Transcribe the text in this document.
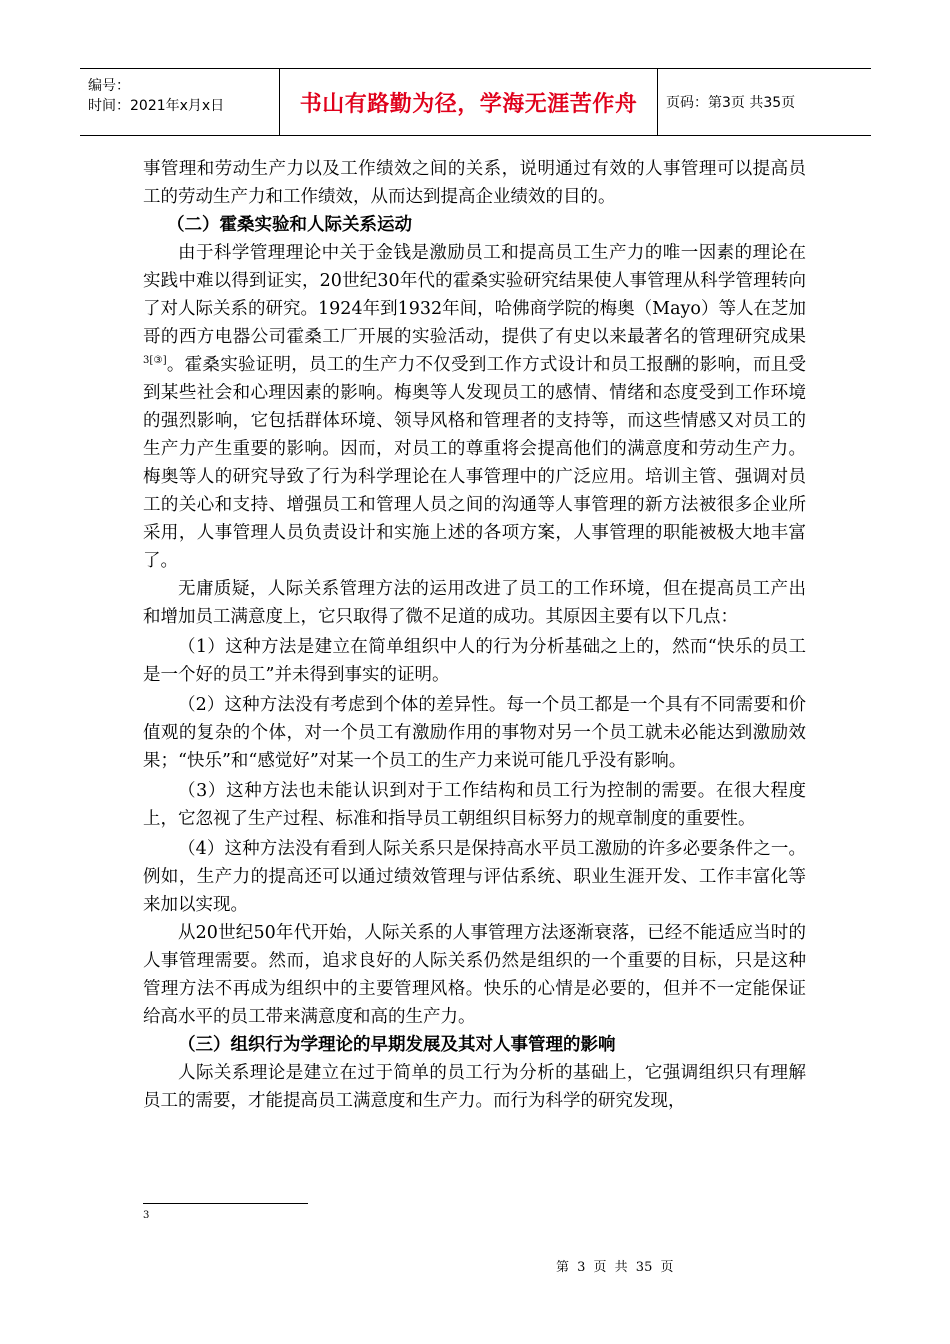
编号：
时间：2021年x月x日	书山有路勤为径，学海无涯苦作舟 页码：第3页 共35页

事管理和劳动生产力以及工作绩效之间的关系，说明通过有效的人事管理可以提高员工的劳动生产力和工作绩效，从而达到提高企业绩效的目的。

（二）霍桑实验和人际关系运动

由于科学管理理论中关于金钱是激励员工和提高员工生产力的唯一因素的理论在实践中难以得到证实，20世纪30年代的霍桑实验研究结果使人事管理从科学管理转向了对人际关系的研究。1924年到1932年间，哈佛商学院的梅奥（Mayo）等人在芝加哥的西方电器公司霍桑工厂开展的实验活动，提供了有史以来最著名的管理研究成果$^{3[③]}$。霍桑实验证明，员工的生产力不仅受到工作方式设计和员工报酬的影响，而且受到某些社会和心理因素的影响。梅奥等人发现员工的感情、情绪和态度受到工作环境的强烈影响，它包括群体环境、领导风格和管理者的支持等，而这些情感又对员工的生产力产生重要的影响。因而，对员工的尊重将会提高他们的满意度和劳动生产力。梅奥等人的研究导致了行为科学理论在人事管理中的广泛应用。培训主管、强调对员工的关心和支持、增强员工和管理人员之间的沟通等人事管理的新方法被很多企业所采用，人事管理人员负责设计和实施上述的各项方案，人事管理的职能被极大地丰富了。

无庸质疑，人际关系管理方法的运用改进了员工的工作环境，但在提高员工产出和增加员工满意度上，它只取得了微不足道的成功。其原因主要有以下几点：

（1）这种方法是建立在简单组织中人的行为分析基础之上的，然而“快乐的员工是一个好的员工”并未得到事实的证明。

（2）这种方法没有考虑到个体的差异性。每一个员工都是一个具有不同需要和价值观的复杂的个体，对一个员工有激励作用的事物对另一个员工就未必能达到激励效果；“快乐”和“感觉好”对某一个员工的生产力来说可能几乎没有影响。

（3）这种方法也未能认识到对于工作结构和员工行为控制的需要。在很大程度上，它忽视了生产过程、标准和指导员工朝组织目标努力的规章制度的重要性。

（4）这种方法没有看到人际关系只是保持高水平员工激励的许多必要条件之一。例如，生产力的提高还可以通过绩效管理与评估系统、职业生涯开发、工作丰富化等来加以实现。

从20世纪50年代开始，人际关系的人事管理方法逐渐衰落，已经不能适应当时的人事管理需要。然而，追求良好的人际关系仍然是组织的一个重要的目标，只是这种管理方法不再成为组织中的主要管理风格。快乐的心情是必要的，但并不一定能保证给高水平的员工带来满意度和高的生产力。

（三）组织行为学理论的早期发展及其对人事管理的影响

人际关系理论是建立在过于简单的员工行为分析的基础上，它强调组织只有理解员工的需要，才能提高员工满意度和生产力。而行为科学的研究发现，

3
第 3 页 共 35 页
